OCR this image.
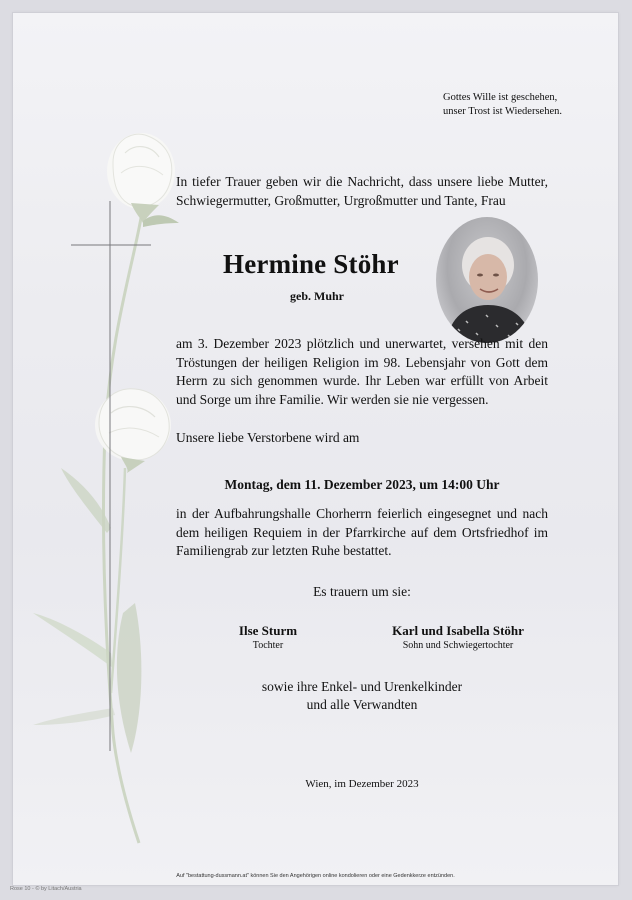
Gottes Wille ist geschehen,
unser Trost ist Wiedersehen.
In tiefer Trauer geben wir die Nachricht, dass unsere liebe Mutter, Schwiegermutter, Großmutter, Urgroßmutter und Tante, Frau
Hermine Stöhr
geb. Muhr
am 3. Dezember 2023 plötzlich und unerwartet, versehen mit den Tröstungen der heiligen Religion im 98. Lebensjahr von Gott dem Herrn zu sich genommen wurde. Ihr Leben war erfüllt von Arbeit und Sorge um ihre Familie. Wir werden sie nie vergessen.
Unsere liebe Verstorbene wird am
Montag, dem 11. Dezember 2023, um 14:00 Uhr
in der Aufbahrungshalle Chorherrn feierlich eingesegnet und nach dem heiligen Requiem in der Pfarrkirche auf dem Ortsfriedhof im Familiengrab zur letzten Ruhe bestattet.
Es trauern um sie:
Ilse Sturm
Tochter
Karl und Isabella Stöhr
Sohn und Schwiegertochter
sowie ihre Enkel- und Urenkelkinder
und alle Verwandten
Wien, im Dezember 2023
Auf "bestattung-dussmann.at" können Sie den Angehörigen online kondolieren oder eine Gedenkkerze entzünden.
Rose 10 - © by Litach/Austria
